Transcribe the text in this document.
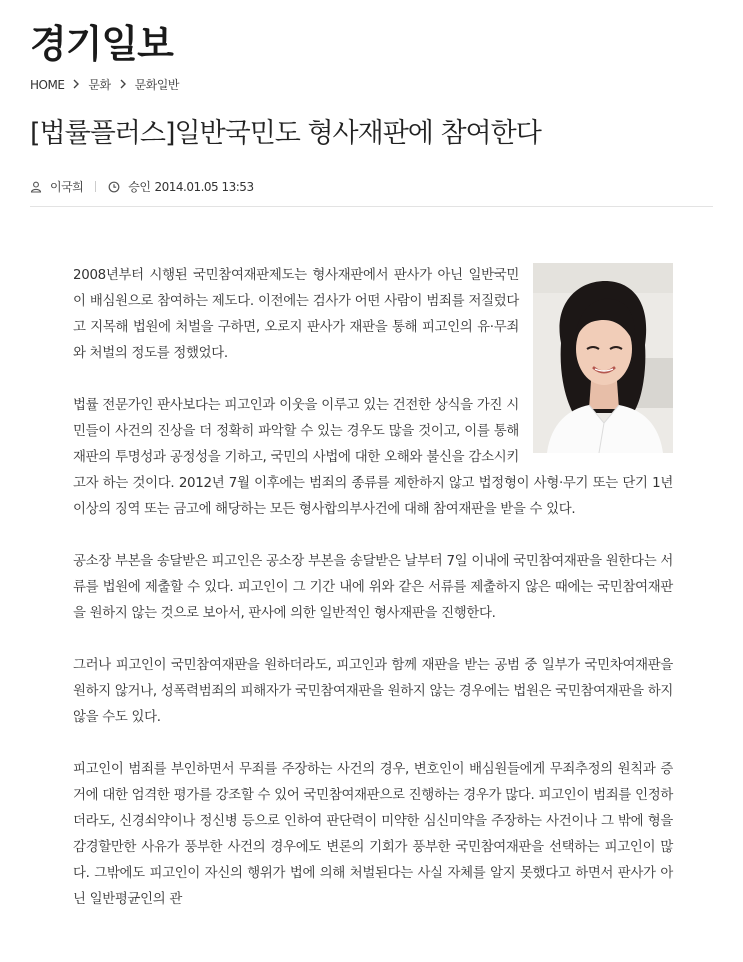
경기일보
HOME 문화 문화일반
[법률플러스]일반국민도 형사재판에 참여한다
이국희	승인 2014.01.05 13:53

2008년부터 시행된 국민참여재판제도는 형사재판에서 판사가 아닌 일반국민이 배심원으로 참여하는 제도다. 이전에는 검사가 어떤 사람이 범죄를 저질렀다고 지목해 법원에 처벌을 구하면, 오로지 판사가 재판을 통해 피고인의 유·무죄와 처벌의 정도를 정했었다.

법률 전문가인 판사보다는 피고인과 이웃을 이루고 있는 건전한 상식을 가진 시민들이 사건의 진상을 더 정확히 파악할 수 있는 경우도 많을 것이고, 이를 통해 재판의 투명성과 공정성을 기하고, 국민의 사법에 대한 오해와 불신을 감소시키고자 하는 것이다. 2012년 7월 이후에는 범죄의 종류를 제한하지 않고 법정형이 사형·무기 또는 단기 1년 이상의 징역 또는 금고에 해당하는 모든 형사합의부사건에 대해 참여재판을 받을 수 있다.

공소장 부본을 송달받은 피고인은 공소장 부본을 송달받은 날부터 7일 이내에 국민참여재판을 원한다는 서류를 법원에 제출할 수 있다. 피고인이 그 기간 내에 위와 같은 서류를 제출하지 않은 때에는 국민참여재판을 원하지 않는 것으로 보아서, 판사에 의한 일반적인 형사재판을 진행한다.

그러나 피고인이 국민참여재판을 원하더라도, 피고인과 함께 재판을 받는 공범 중 일부가 국민차여재판을 원하지 않거나, 성폭력범죄의 피해자가 국민참여재판을 원하지 않는 경우에는 법원은 국민참여재판을 하지 않을 수도 있다.

피고인이 범죄를 부인하면서 무죄를 주장하는 사건의 경우, 변호인이 배심원들에게 무죄추정의 원칙과 증거에 대한 엄격한 평가를 강조할 수 있어 국민참여재판으로 진행하는 경우가 많다. 피고인이 범죄를 인정하더라도, 신경쇠약이나 정신병 등으로 인하여 판단력이 미약한 심신미약을 주장하는 사건이나 그 밖에 형을 감경할만한 사유가 풍부한 사건의 경우에도 변론의 기회가 풍부한 국민참여재판을 선택하는 피고인이 많다. 그밖에도 피고인이 자신의 행위가 법에 의해 처벌된다는 사실 자체를 알지 못했다고 하면서 판사가 아닌 일반평균인의 관
